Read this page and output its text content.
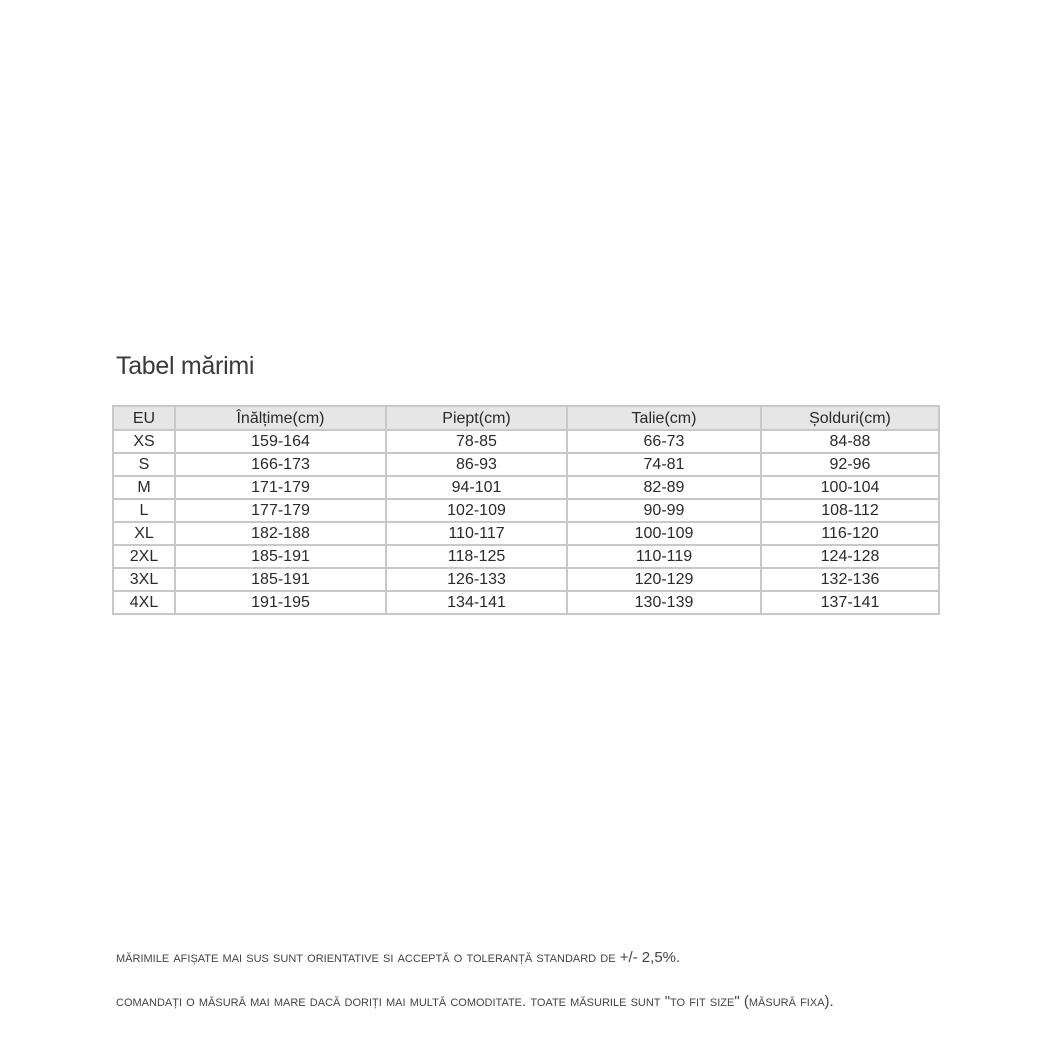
Tabel mărimi
EU	Înălțime(cm)	Piept(cm)	Talie(cm)	Șolduri(cm)
XS	159-164	78-85	66-73	84-88
S	166-173	86-93	74-81	92-96
M	171-179	94-101	82-89	100-104
L	177-179	102-109	90-99	108-112
XL	182-188	110-117	100-109	116-120
2XL	185-191	118-125	110-119	124-128
3XL	185-191	126-133	120-129	132-136
4XL	191-195	134-141	130-139	137-141

mărimile afișate mai sus sunt orientative si acceptă o toleranță standard de +/- 2,5%.

comandați o măsură mai mare dacă doriți mai multă comoditate. toate măsurile sunt "to fit size" (măsură fixa).
